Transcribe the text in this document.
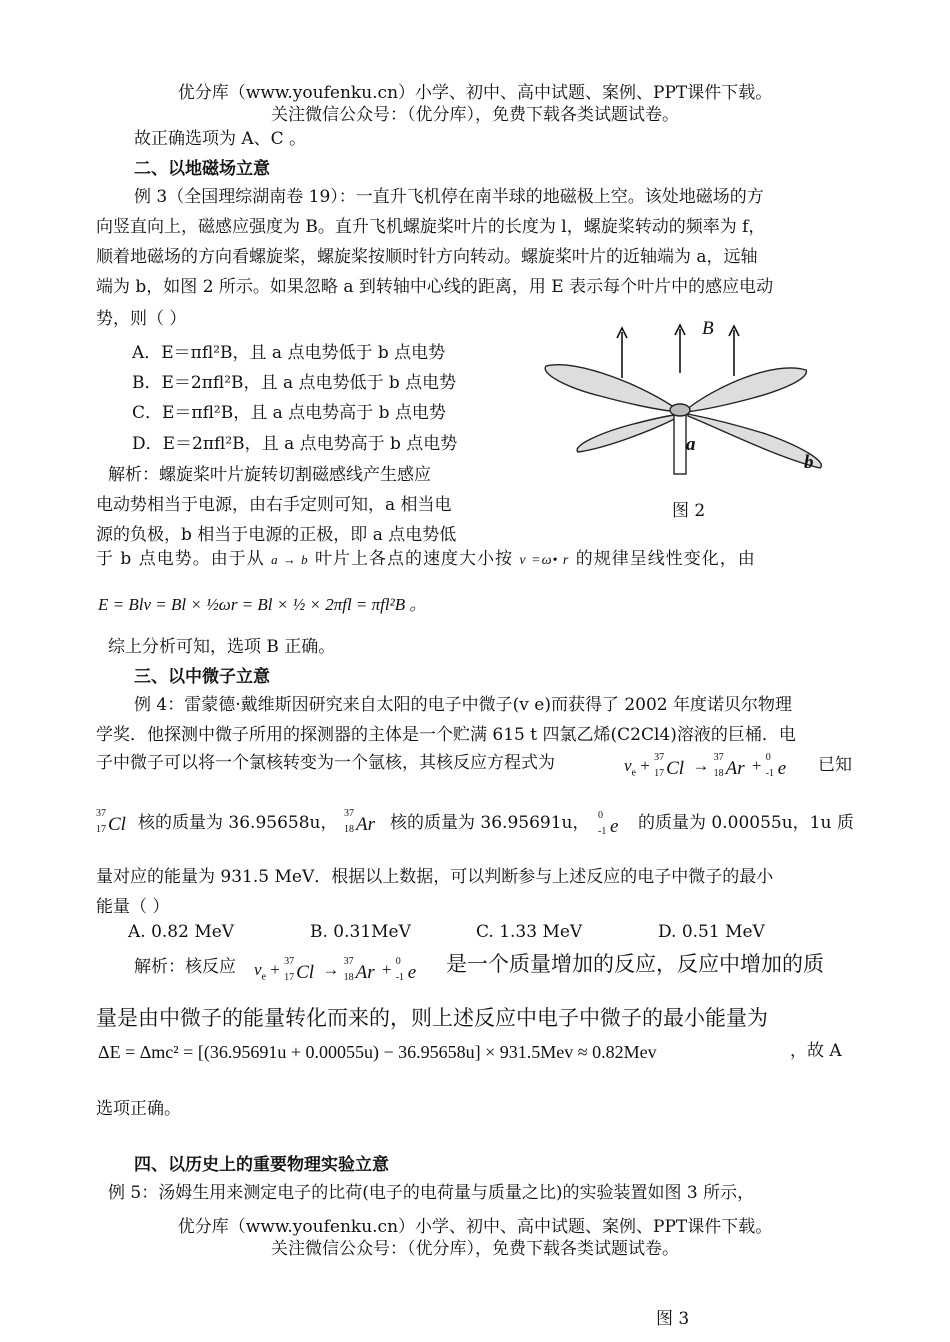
优分库（www.youfenku.cn）小学、初中、高中试题、案例、PPT课件下载。
关注微信公众号：（优分库），免费下载各类试题试卷。
故正确选项为 A、C 。
二、以地磁场立意
例 3（全国理综湖南卷 19）：一直升飞机停在南半球的地磁极上空。该处地磁场的方
向竖直向上，磁感应强度为 B。直升飞机螺旋桨叶片的长度为 l，螺旋桨转动的频率为 f，
顺着地磁场的方向看螺旋桨，螺旋桨按顺时针方向转动。螺旋桨叶片的近轴端为 a，远轴
端为 b，如图 2 所示。如果忽略 a 到转轴中心线的距离，用 E 表示每个叶片中的感应电动
势，则（ ）
A．E＝πfl²B，且 a 点电势低于 b 点电势
B．E＝2πfl²B，且 a 点电势低于 b 点电势
C．E＝πfl²B，且 a 点电势高于 b 点电势
D．E＝2πfl²B，且 a 点电势高于 b 点电势
解析：螺旋桨叶片旋转切割磁感线产生感应
电动势相当于电源，由右手定则可知，a 相当电
源的负极，b 相当于电源的正极，即 a 点电势低
B
a
b
图 2
于 b 点电势。由于从 a → b 叶片上各点的速度大小按 v =ω• r 的规律呈线性变化，由
E = Blv = Bl × ½ωr = Bl × ½ × 2πfl = πfl²B 。
综上分析可知，选项 B 正确。
三、以中微子立意
例 4：雷蒙德·戴维斯因研究来自太阳的电子中微子(v e)而获得了 2002 年度诺贝尔物理
学奖．他探测中微子所用的探测器的主体是一个贮满 615 t 四氯乙烯(C2Cl4)溶液的巨桶．电
子中微子可以将一个氯核转变为一个氩核，其核反应方程式为	$v_e + 37$
17 Cl → 37
18 Ar + 0
-1 e 已知
37
17 Cl 核的质量为 36.95658u， 37
18 Ar 核的质量为 36.95691u， 0
-1 e 的质量为 0.00055u，1u 质
量对应的能量为 931.5 MeV．根据以上数据，可以判断参与上述反应的电子中微子的最小
能量（ ）
A. 0.82 MeV	B. 0.31MeV	C. 1.33 MeV	D. 0.51 MeV
解析：核反应 $v_e + 37$
17 Cl → 37
18 Ar + 0
-1 e 是一个质量增加的反应，反应中增加的质
量是由中微子的能量转化而来的，则上述反应中电子中微子的最小能量为
ΔE = Δmc² = [(36.95691u + 0.00055u) − 36.95658u] × 931.5Mev ≈ 0.82Mev	，故 A
选项正确。
四、以历史上的重要物理实验立意
例 5：汤姆生用来测定电子的比荷(电子的电荷量与质量之比)的实验装置如图 3 所示，
优分库（www.youfenku.cn）小学、初中、高中试题、案例、PPT课件下载。
关注微信公众号：（优分库），免费下载各类试题试卷。
图 3
